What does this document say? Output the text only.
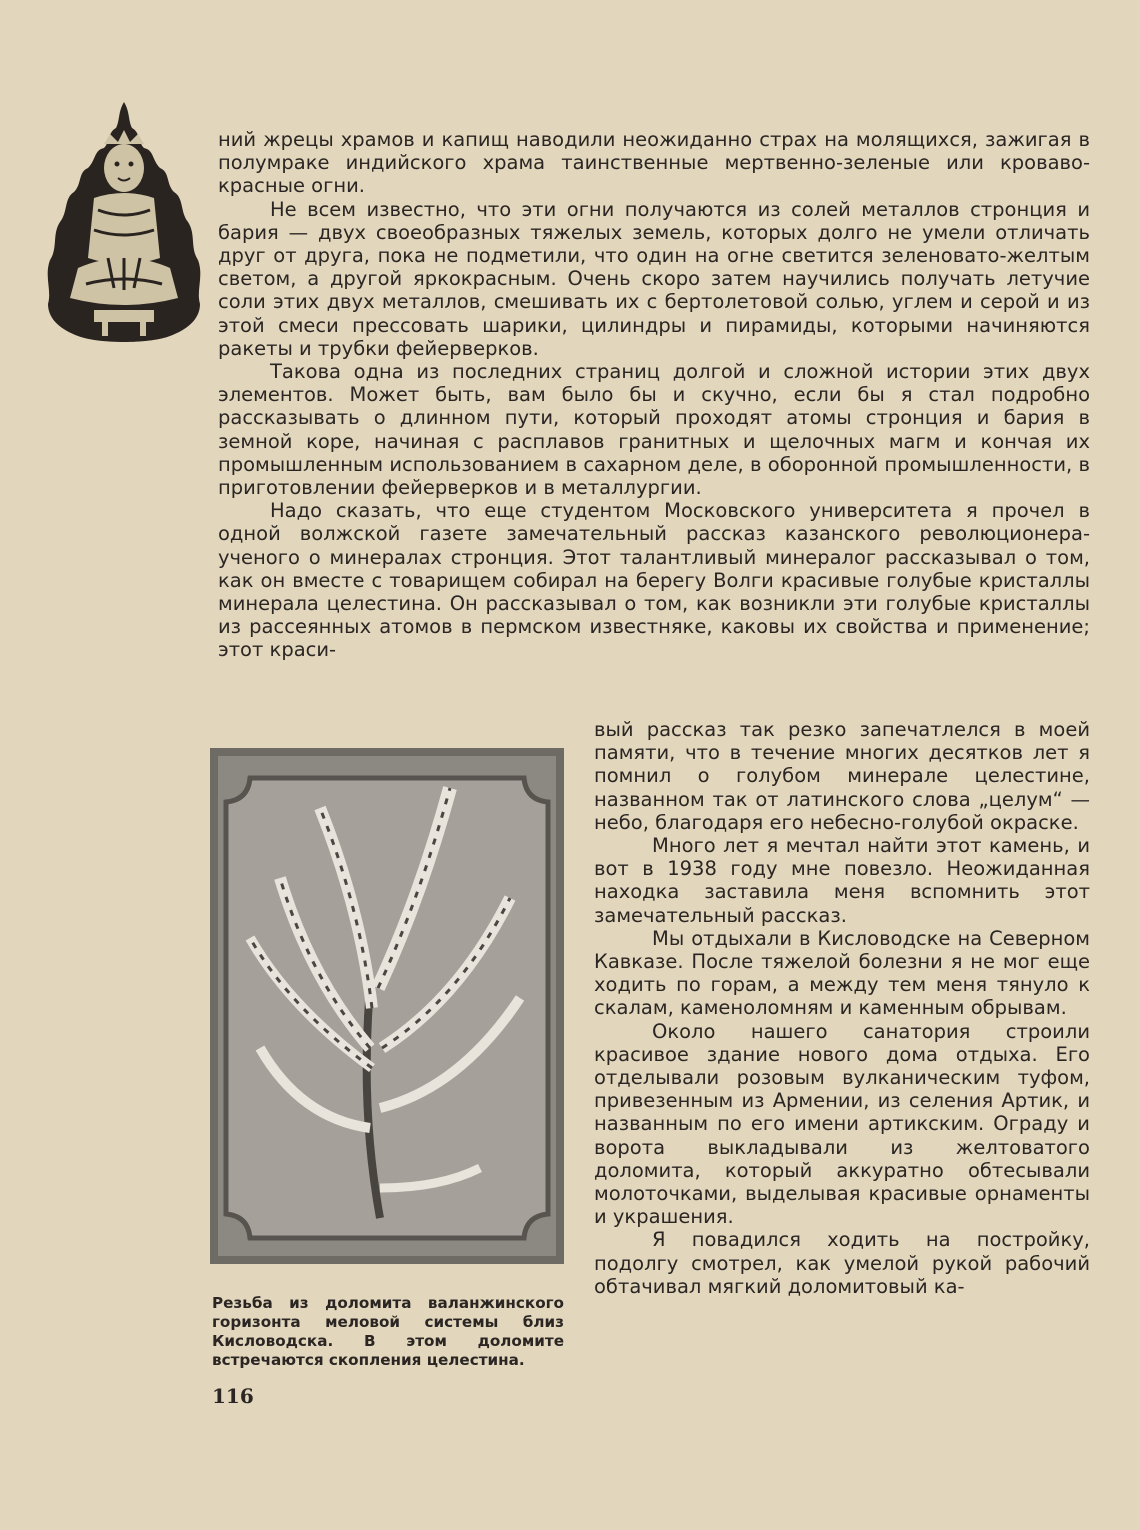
ний жрецы храмов и капищ наводили неожиданно страх на молящихся, зажигая в полумраке индийского храма таинственные мертвенно-зеленые или кроваво-красные огни.

Не всем известно, что эти огни получаются из солей металлов стронция и бария — двух своеобразных тяжелых земель, которых долго не умели отличать друг от друга, пока не подметили, что один на огне светится зеленовато-желтым светом, а другой яркокрасным. Очень скоро затем научились получать летучие соли этих двух металлов, смешивать их с бертолетовой солью, углем и серой и из этой смеси прессовать шарики, цилиндры и пирамиды, которыми начиняются ракеты и трубки фейерверков.

Такова одна из последних страниц долгой и сложной истории этих двух элементов. Может быть, вам было бы и скучно, если бы я стал подробно рассказывать о длинном пути, который проходят атомы стронция и бария в земной коре, начиная с расплавов гранитных и щелочных магм и кончая их промышленным использованием в сахарном деле, в оборонной промышленности, в приготовлении фейерверков и в металлургии.

Надо сказать, что еще студентом Московского университета я прочел в одной волжской газете замечательный рассказ казанского революционера-ученого о минералах стронция. Этот талантливый минералог рассказывал о том, как он вместе с товарищем собирал на берегу Волги красивые голубые кристаллы минерала целестина. Он рассказывал о том, как возникли эти голубые кристаллы из рассеянных атомов в пермском известняке, каковы их свойства и применение; этот краси-

Резьба из доломита валанжинского горизонта меловой системы близ Кисловодска. В этом доломите встречаются скопления целестина.

вый рассказ так резко запечатлелся в моей памяти, что в течение многих десятков лет я помнил о голубом минерале целестине, названном так от латинского слова „целум“ — небо, благодаря его небесно-голубой окраске.

Много лет я мечтал найти этот камень, и вот в 1938 году мне повезло. Неожиданная находка заставила меня вспомнить этот замечательный рассказ.

Мы отдыхали в Кисловодске на Северном Кавказе. После тяжелой болезни я не мог еще ходить по горам, а между тем меня тянуло к скалам, каменоломням и каменным обрывам.

Около нашего санатория строили красивое здание нового дома отдыха. Его отделывали розовым вулканическим туфом, привезенным из Армении, из селения Артик, и названным по его имени артикским. Ограду и ворота выкладывали из желтоватого доломита, который аккуратно обтесывали молоточками, выделывая красивые орнаменты и украшения.

Я повадился ходить на постройку, подолгу смотрел, как умелой рукой рабочий обтачивал мягкий доломитовый ка-

116
